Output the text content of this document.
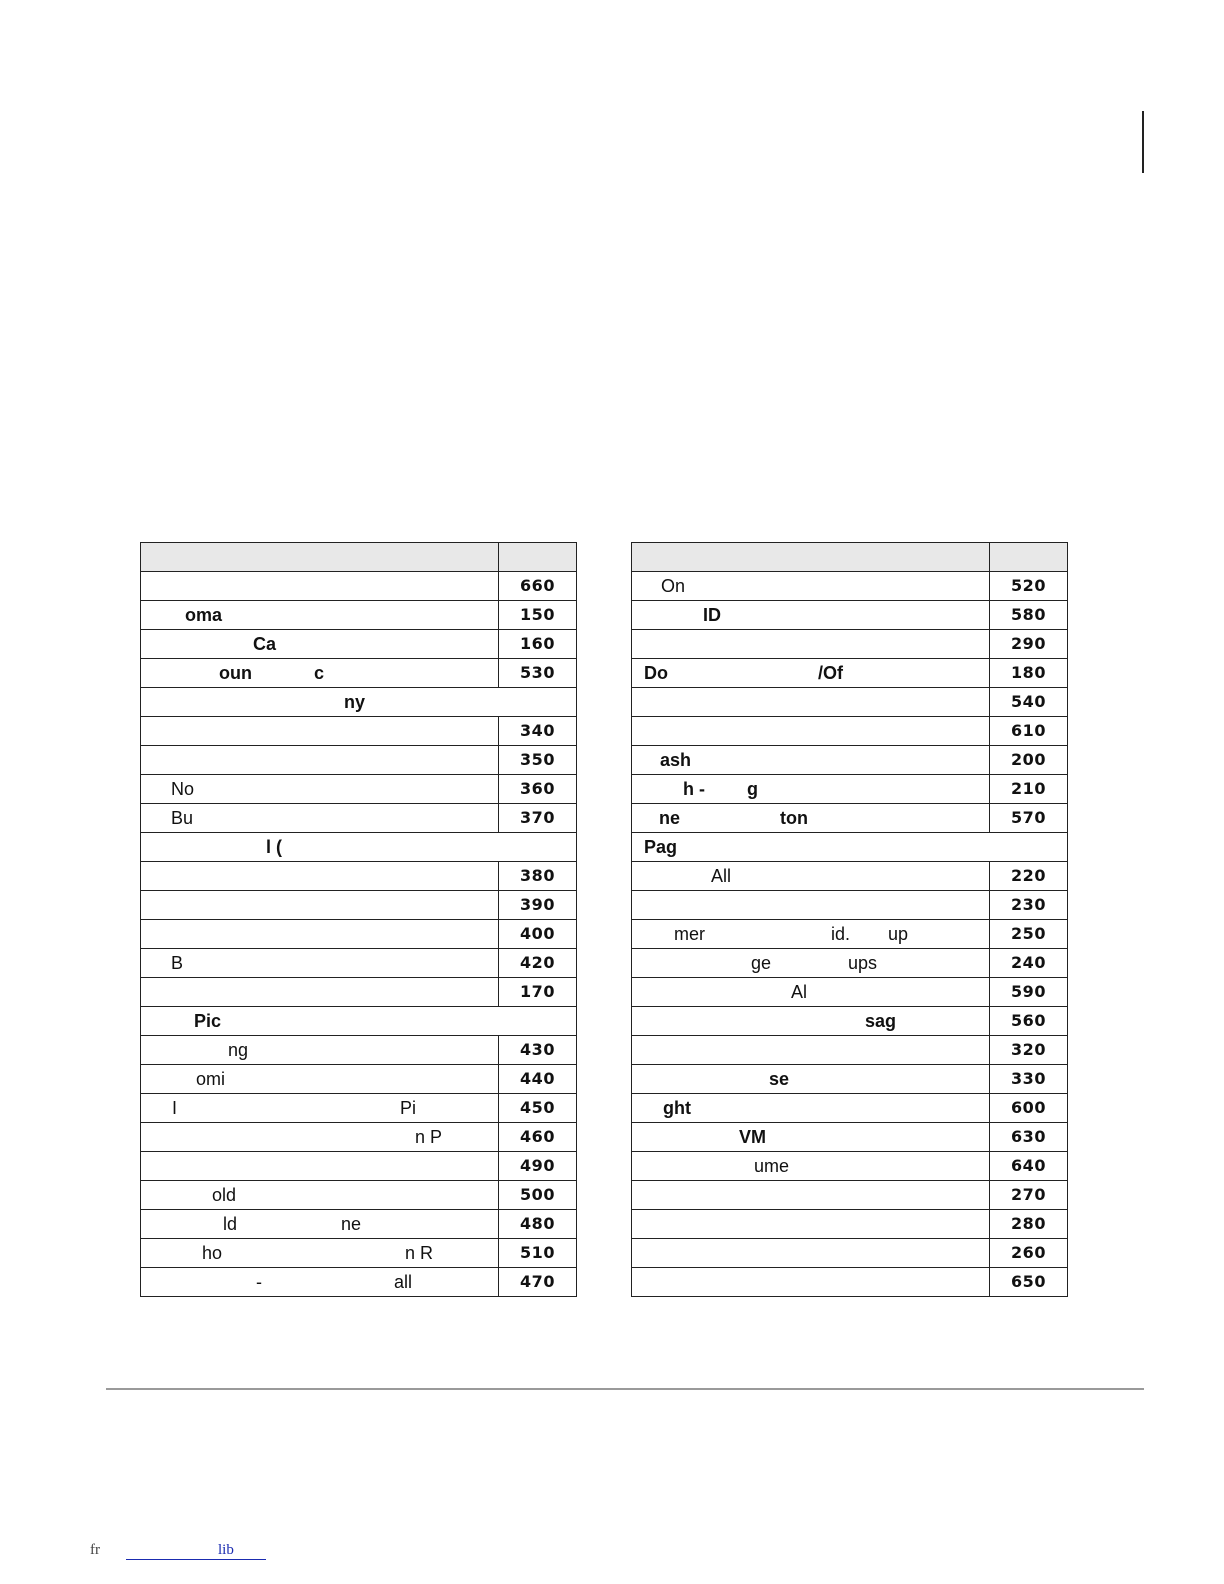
	660

oma	150

Ca	160

oun c	530

ny	

	340
	350

No	360

Bu	370

l (	

	380
	390
	400

B	420
	170

Pic	

ng	430

omi	440

I Pi	450

n P	460
	490

old	500

ld ne	480

ho n R	510

- all	470

On	520

ID	580
	290

Do /Of	180
	540
	610

ash	200

h - g	210

ne ton	570

Pag	

All	220
	230

mer id. up	250

ge ups	240

Al	590

sag	560
	320

se	330

ght	600

VM	630

ume	640
	270
	280
	260
	650
fr	lib
